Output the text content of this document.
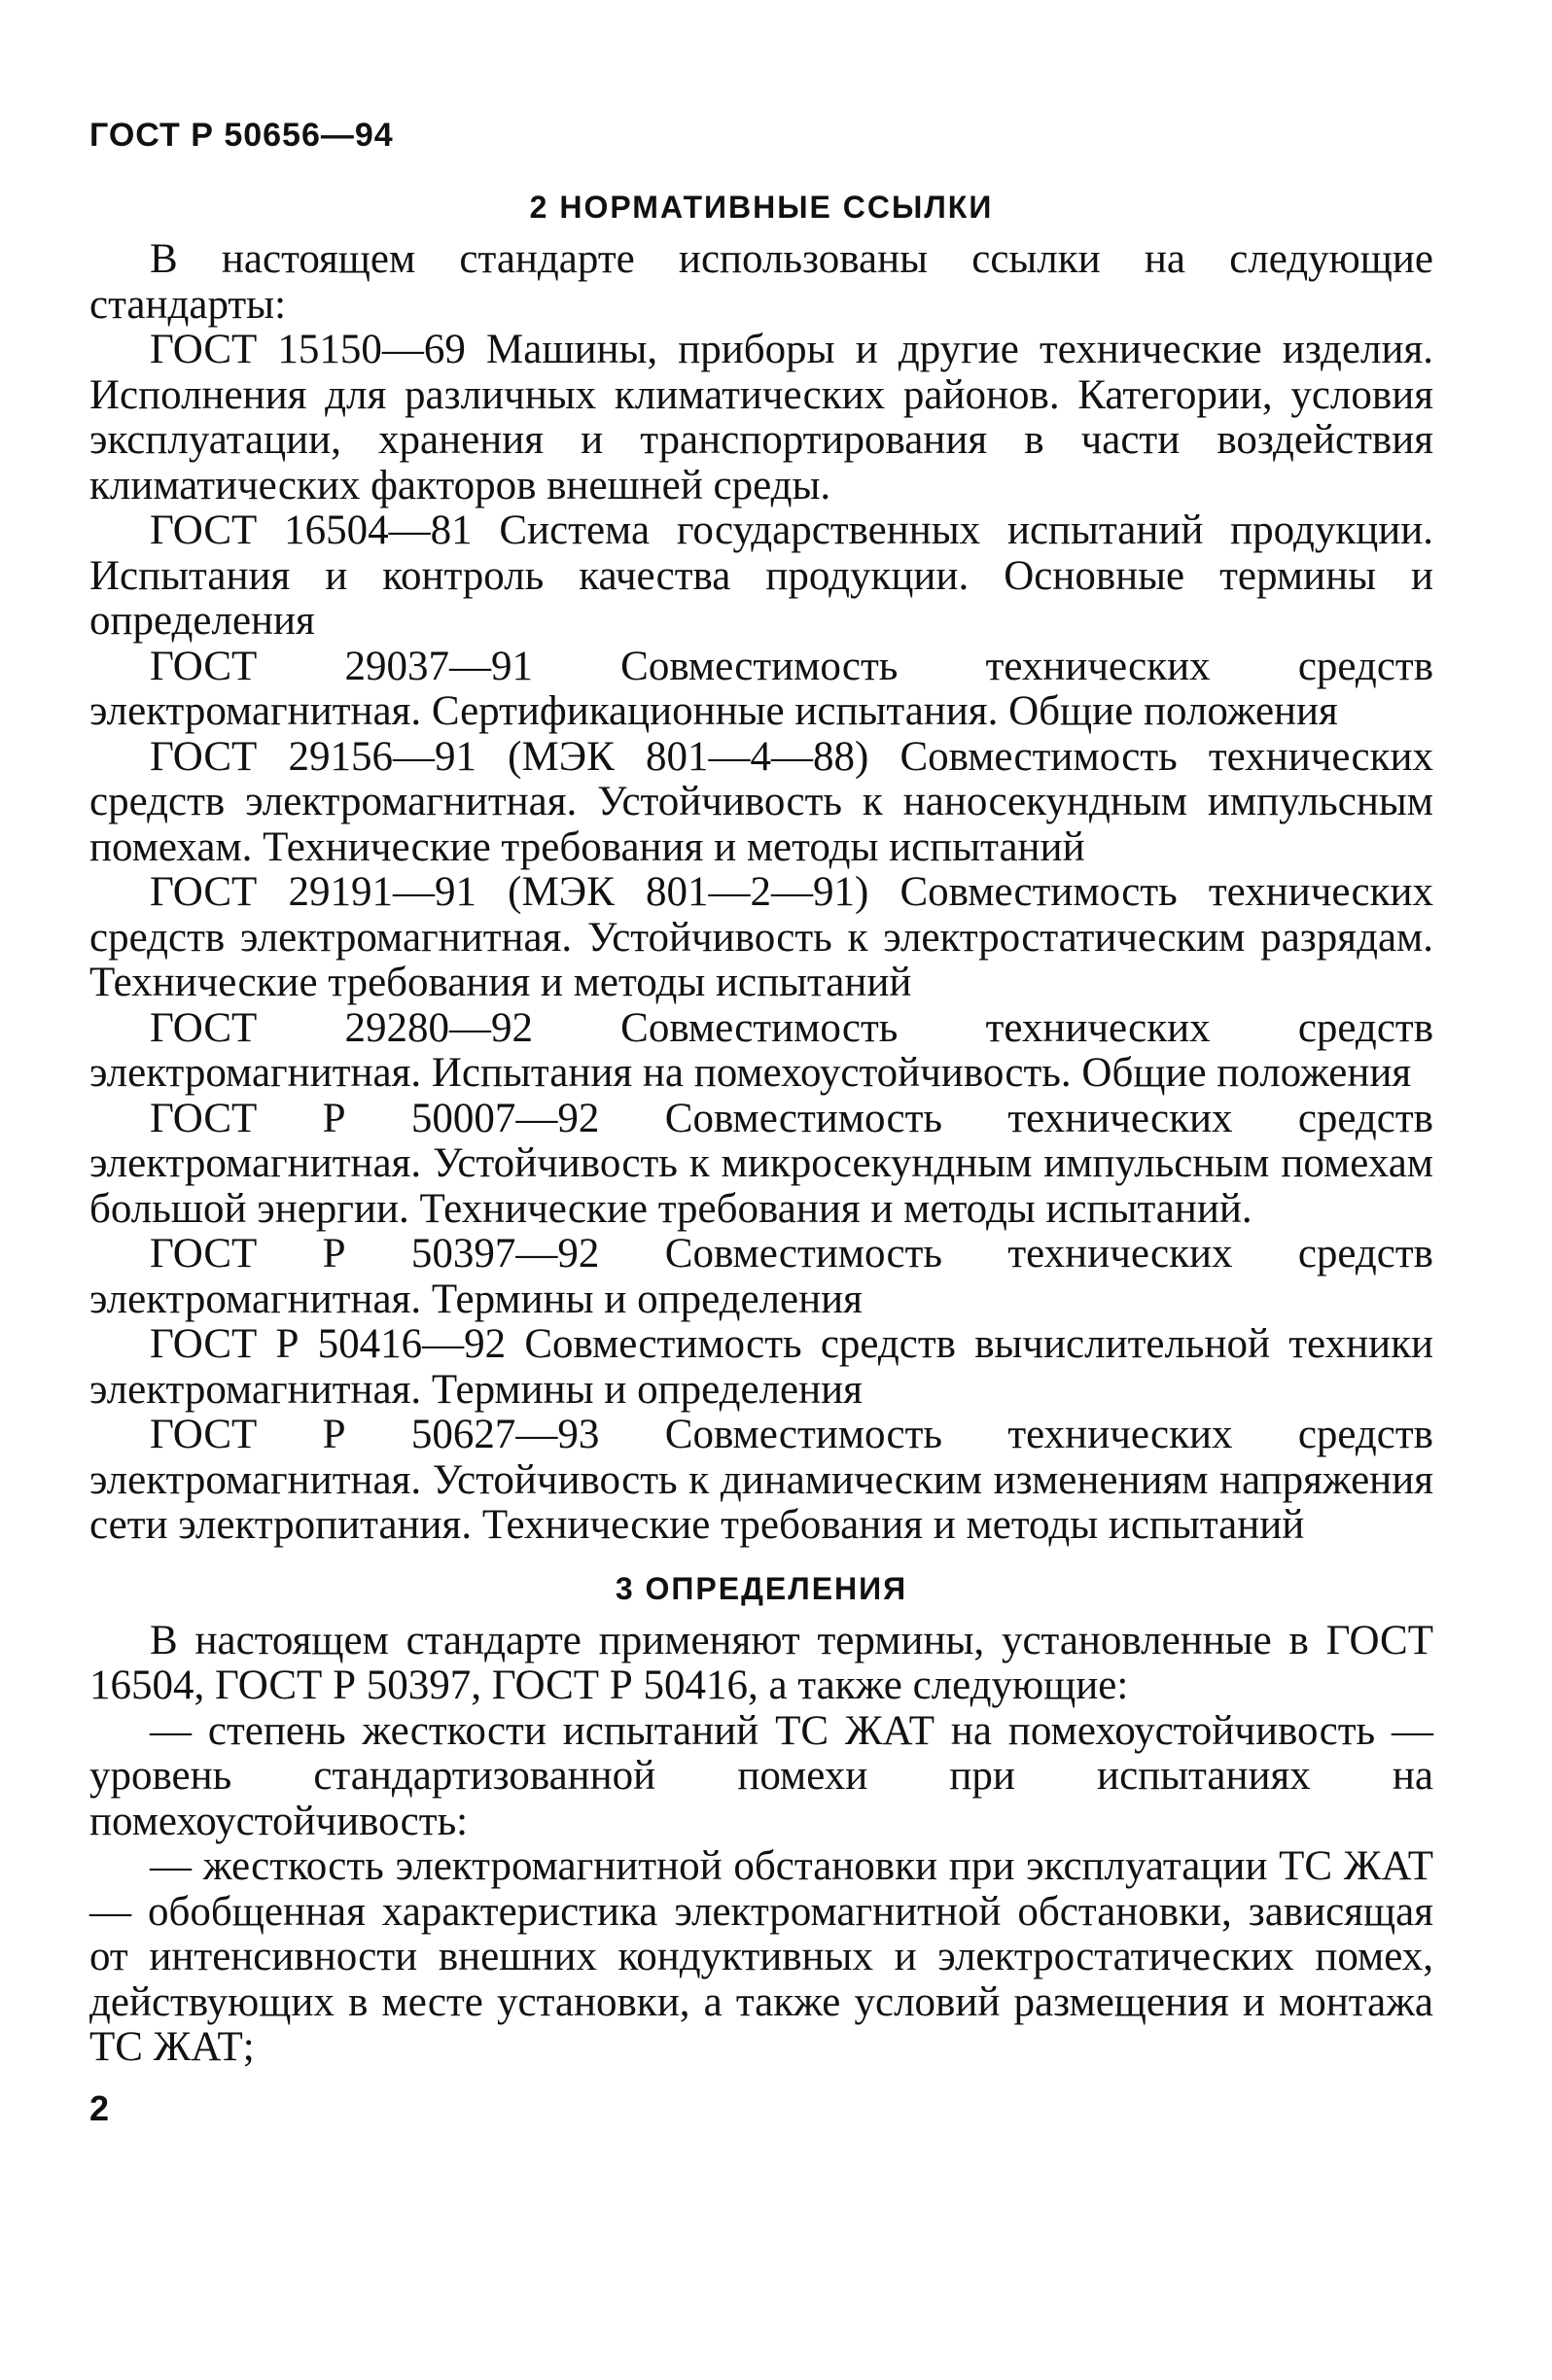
ГОСТ Р 50656—94
2 НОРМАТИВНЫЕ ССЫЛКИ

В настоящем стандарте использованы ссылки на следующие стандарты:

ГОСТ 15150—69 Машины, приборы и другие технические изделия. Исполнения для различных климатических районов. Категории, условия эксплуатации, хранения и транспортирования в части воздействия климатических факторов внешней среды.

ГОСТ 16504—81 Система государственных испытаний продукции. Испытания и контроль качества продукции. Основные термины и определения

ГОСТ 29037—91 Совместимость технических средств электромагнитная. Сертификационные испытания. Общие положения

ГОСТ 29156—91 (МЭК 801—4—88) Совместимость технических средств электромагнитная. Устойчивость к наносекундным импульсным помехам. Технические требования и методы испытаний

ГОСТ 29191—91 (МЭК 801—2—91) Совместимость технических средств электромагнитная. Устойчивость к электростатическим разрядам. Технические требования и методы испытаний

ГОСТ 29280—92 Совместимость технических средств электромагнитная. Испытания на помехоустойчивость. Общие положения

ГОСТ Р 50007—92 Совместимость технических средств электромагнитная. Устойчивость к микросекундным импульсным помехам большой энергии. Технические требования и методы испытаний.

ГОСТ Р 50397—92 Совместимость технических средств электромагнитная. Термины и определения

ГОСТ Р 50416—92 Совместимость средств вычислительной техники электромагнитная. Термины и определения

ГОСТ Р 50627—93 Совместимость технических средств электромагнитная. Устойчивость к динамическим изменениям напряжения сети электропитания. Технические требования и методы испытаний

3 ОПРЕДЕЛЕНИЯ

В настоящем стандарте применяют термины, установленные в ГОСТ 16504, ГОСТ Р 50397, ГОСТ Р 50416, а также следующие:

— степень жесткости испытаний ТС ЖАТ на помехоустойчивость — уровень стандартизованной помехи при испытаниях на помехоустойчивость:

— жесткость электромагнитной обстановки при эксплуатации ТС ЖАТ — обобщенная характеристика электромагнитной обстановки, зависящая от интенсивности внешних кондуктивных и электростатических помех, действующих в месте установки, а также условий размещения и монтажа ТС ЖАТ;

2
